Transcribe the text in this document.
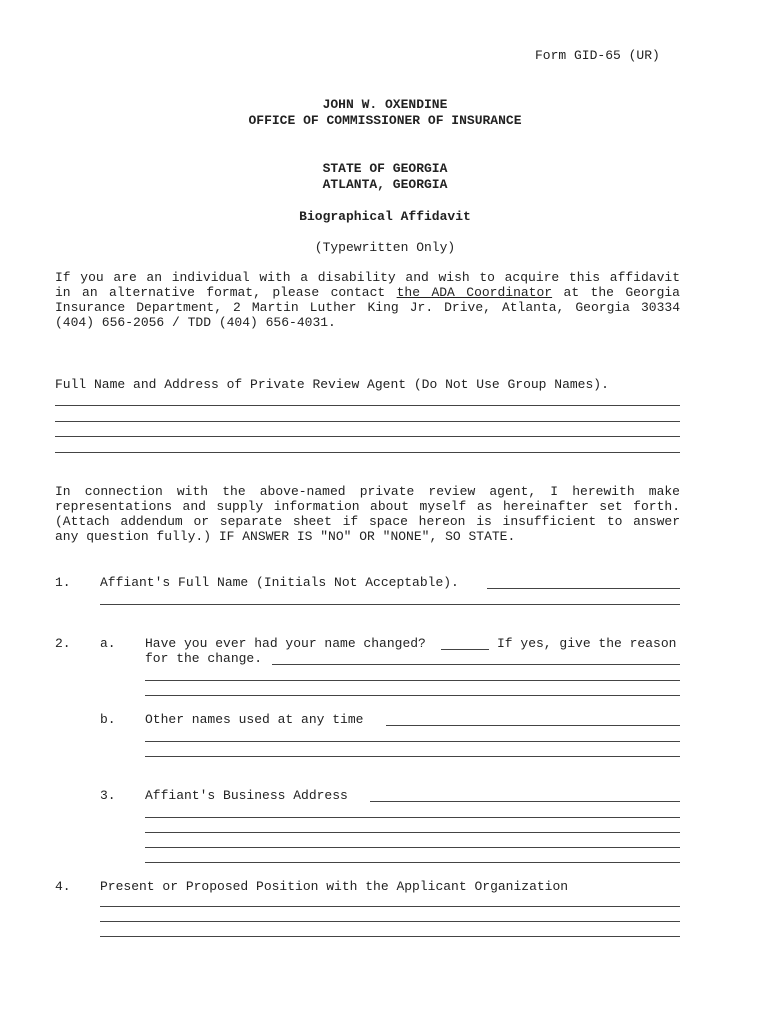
Form GID-65 (UR)
JOHN W. OXENDINE
OFFICE OF COMMISSIONER OF INSURANCE
STATE OF GEORGIA
ATLANTA, GEORGIA
Biographical Affidavit
(Typewritten Only)
If you are an individual with a disability and wish to acquire this affidavit
in an alternative format, please contact the ADA Coordinator at the Georgia
Insurance Department, 2 Martin Luther King Jr. Drive, Atlanta, Georgia 30334
(404) 656-2056 / TDD (404) 656-4031.
Full Name and Address of Private Review Agent (Do Not Use Group Names).
In connection with the above-named private review agent, I herewith make
representations and supply information about myself as hereinafter set forth.
(Attach addendum or separate sheet if space hereon is insufficient to answer
any question fully.) IF ANSWER IS "NO" OR "NONE", SO STATE.
1. Affiant's Full Name (Initials Not Acceptable).
2. a. Have you ever had your name changed?	If yes, give the reason
for the change.
b. Other names used at any time
3. Affiant's Business Address
4. Present or Proposed Position with the Applicant Organization
